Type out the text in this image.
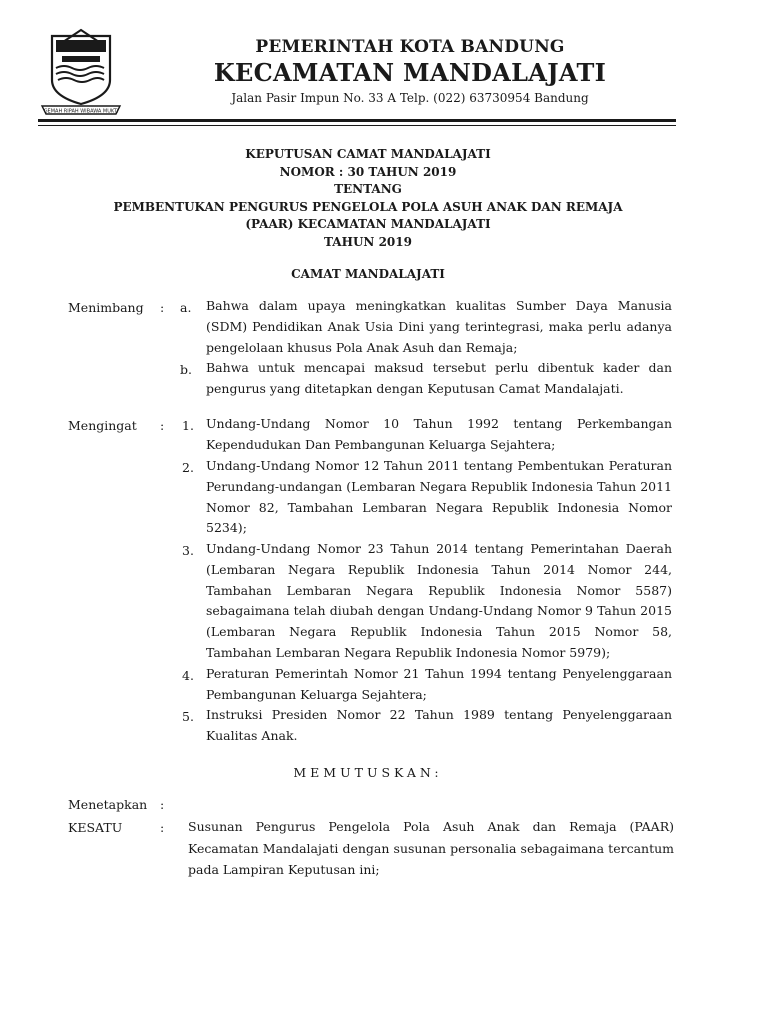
GEMAH RIPAH WIBAWA MUKTI
PEMERINTAH KOTA BANDUNG
KECAMATAN MANDALAJATI
Jalan Pasir Impun No. 33 A Telp. (022) 63730954 Bandung
KEPUTUSAN CAMAT MANDALAJATI
NOMOR : 30 TAHUN 2019
TENTANG
PEMBENTUKAN PENGURUS PENGELOLA POLA ASUH ANAK DAN REMAJA
(PAAR) KECAMATAN MANDALAJATI
TAHUN 2019
CAMAT MANDALAJATI
Menimbang : a. Bahwa dalam upaya meningkatkan kualitas Sumber Daya Manusia (SDM) Pendidikan Anak Usia Dini yang terintegrasi, maka perlu adanya pengelolaan khusus Pola Anak Asuh dan Remaja;
b. Bahwa untuk mencapai maksud tersebut perlu dibentuk kader dan pengurus yang ditetapkan dengan Keputusan Camat Mandalajati.
Mengingat : 1. Undang-Undang Nomor 10 Tahun 1992 tentang Perkembangan Kependudukan Dan Pembangunan Keluarga Sejahtera;
2. Undang-Undang Nomor 12 Tahun 2011 tentang Pembentukan Peraturan Perundang-undangan (Lembaran Negara Republik Indonesia Tahun 2011 Nomor 82, Tambahan Lembaran Negara Republik Indonesia Nomor 5234);
3. Undang-Undang Nomor 23 Tahun 2014 tentang Pemerintahan Daerah (Lembaran Negara Republik Indonesia Tahun 2014 Nomor 244, Tambahan Lembaran Negara Republik Indonesia Nomor 5587) sebagaimana telah diubah dengan Undang-Undang Nomor 9 Tahun 2015 (Lembaran Negara Republik Indonesia Tahun 2015 Nomor 58, Tambahan Lembaran Negara Republik Indonesia Nomor 5979);
4. Peraturan Pemerintah Nomor 21 Tahun 1994 tentang Penyelenggaraan Pembangunan Keluarga Sejahtera;
5. Instruksi Presiden Nomor 22 Tahun 1989 tentang Penyelenggaraan Kualitas Anak.
MEMUTUSKAN:
Menetapkan :
KESATU	: Susunan Pengurus Pengelola Pola Asuh Anak dan Remaja (PAAR) Kecamatan Mandalajati dengan susunan personalia sebagaimana tercantum pada Lampiran Keputusan ini;
